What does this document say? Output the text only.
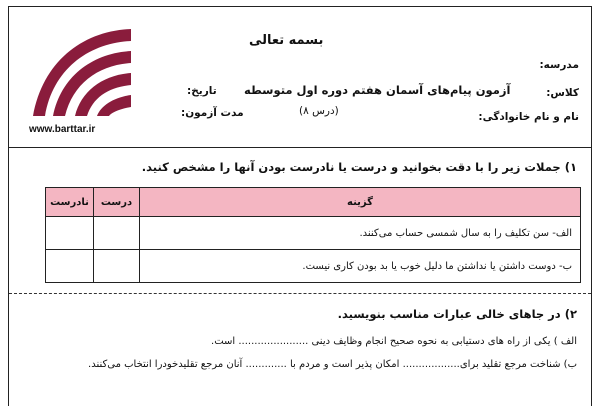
www.barttar.ir
بسمه تعالی
مدرسه:
کلاس:
نام و نام خانوادگی:
آزمون پیام‌های آسمان هفتم دوره اول متوسطه
(درس ۸)
تاریخ:
مدت آزمون:
۱) جملات زیر را با دقت بخوانید و درست یا نادرست بودن آنها را مشخص کنید.
نادرست	درست	گزینه
		الف- سن تکلیف را به سال شمسی حساب می‌کنند.
		ب- دوست داشتن یا نداشتن ما دلیل خوب یا بد بودن کاری نیست.
۲) در جاهای خالی عبارات مناسب بنویسید.
الف ) یکی از راه های دستیابی به نحوه صحیح انجام وظایف دینی ...................... است.
ب) شناخت مرجع تقلید برای.................. امکان پذیر است و مردم با ............. آنان مرجع تقلیدخودرا انتخاب می‌کنند.
